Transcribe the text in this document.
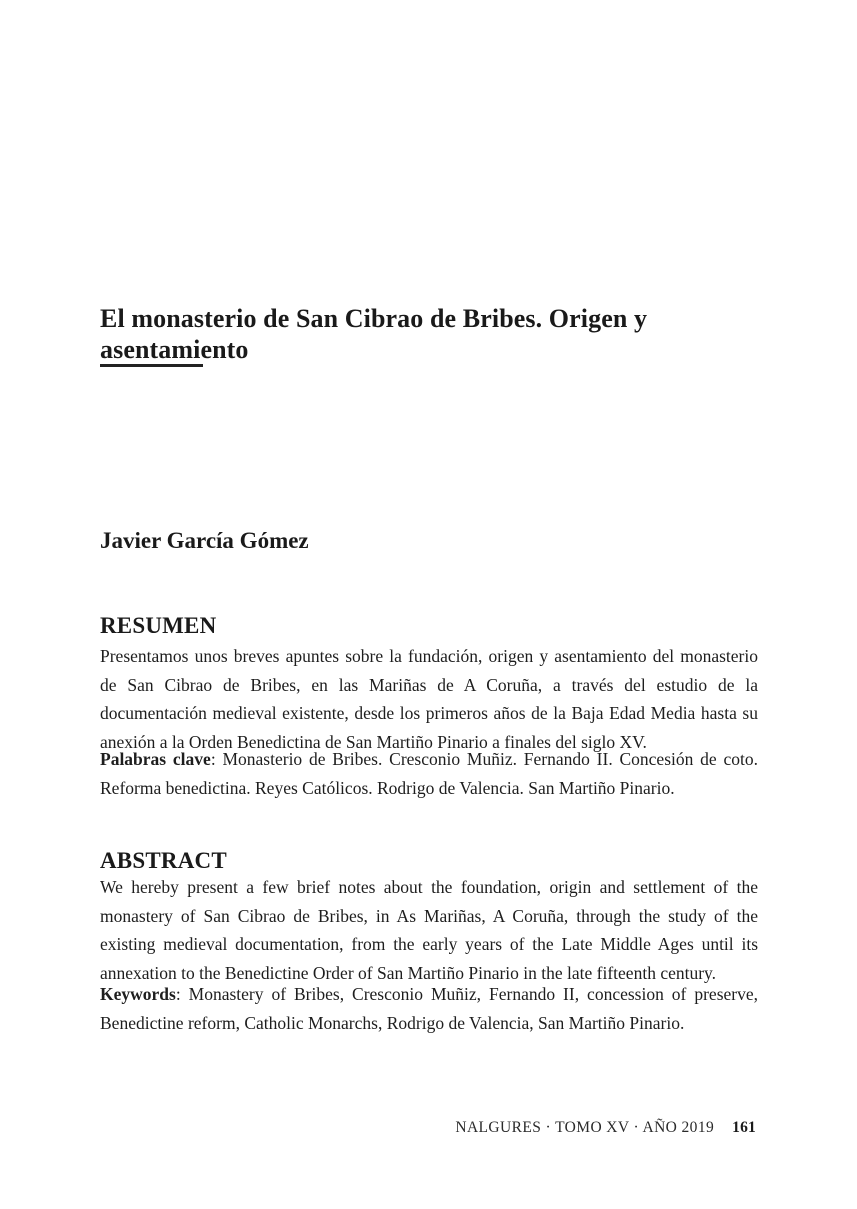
El monasterio de San Cibrao de Bribes. Origen y asentamiento
Javier García Gómez
RESUMEN

Presentamos unos breves apuntes sobre la fundación, origen y asentamiento del monasterio de San Cibrao de Bribes, en las Mariñas de A Coruña, a través del estudio de la documentación medieval existente, desde los primeros años de la Baja Edad Media hasta su anexión a la Orden Benedictina de San Martiño Pinario a finales del siglo XV.

Palabras clave: Monasterio de Bribes. Cresconio Muñiz. Fernando II. Concesión de coto. Reforma benedictina. Reyes Católicos. Rodrigo de Valencia. San Martiño Pinario.

ABSTRACT

We hereby present a few brief notes about the foundation, origin and settlement of the monastery of San Cibrao de Bribes, in As Mariñas, A Coruña, through the study of the existing medieval documentation, from the early years of the Late Middle Ages until its annexation to the Benedictine Order of San Martiño Pinario in the late fifteenth century.

Keywords: Monastery of Bribes, Cresconio Muñiz, Fernando II, concession of preserve, Benedictine reform, Catholic Monarchs, Rodrigo de Valencia, San Martiño Pinario.

NALGURES · TOMO XV · AÑO 2019 161
